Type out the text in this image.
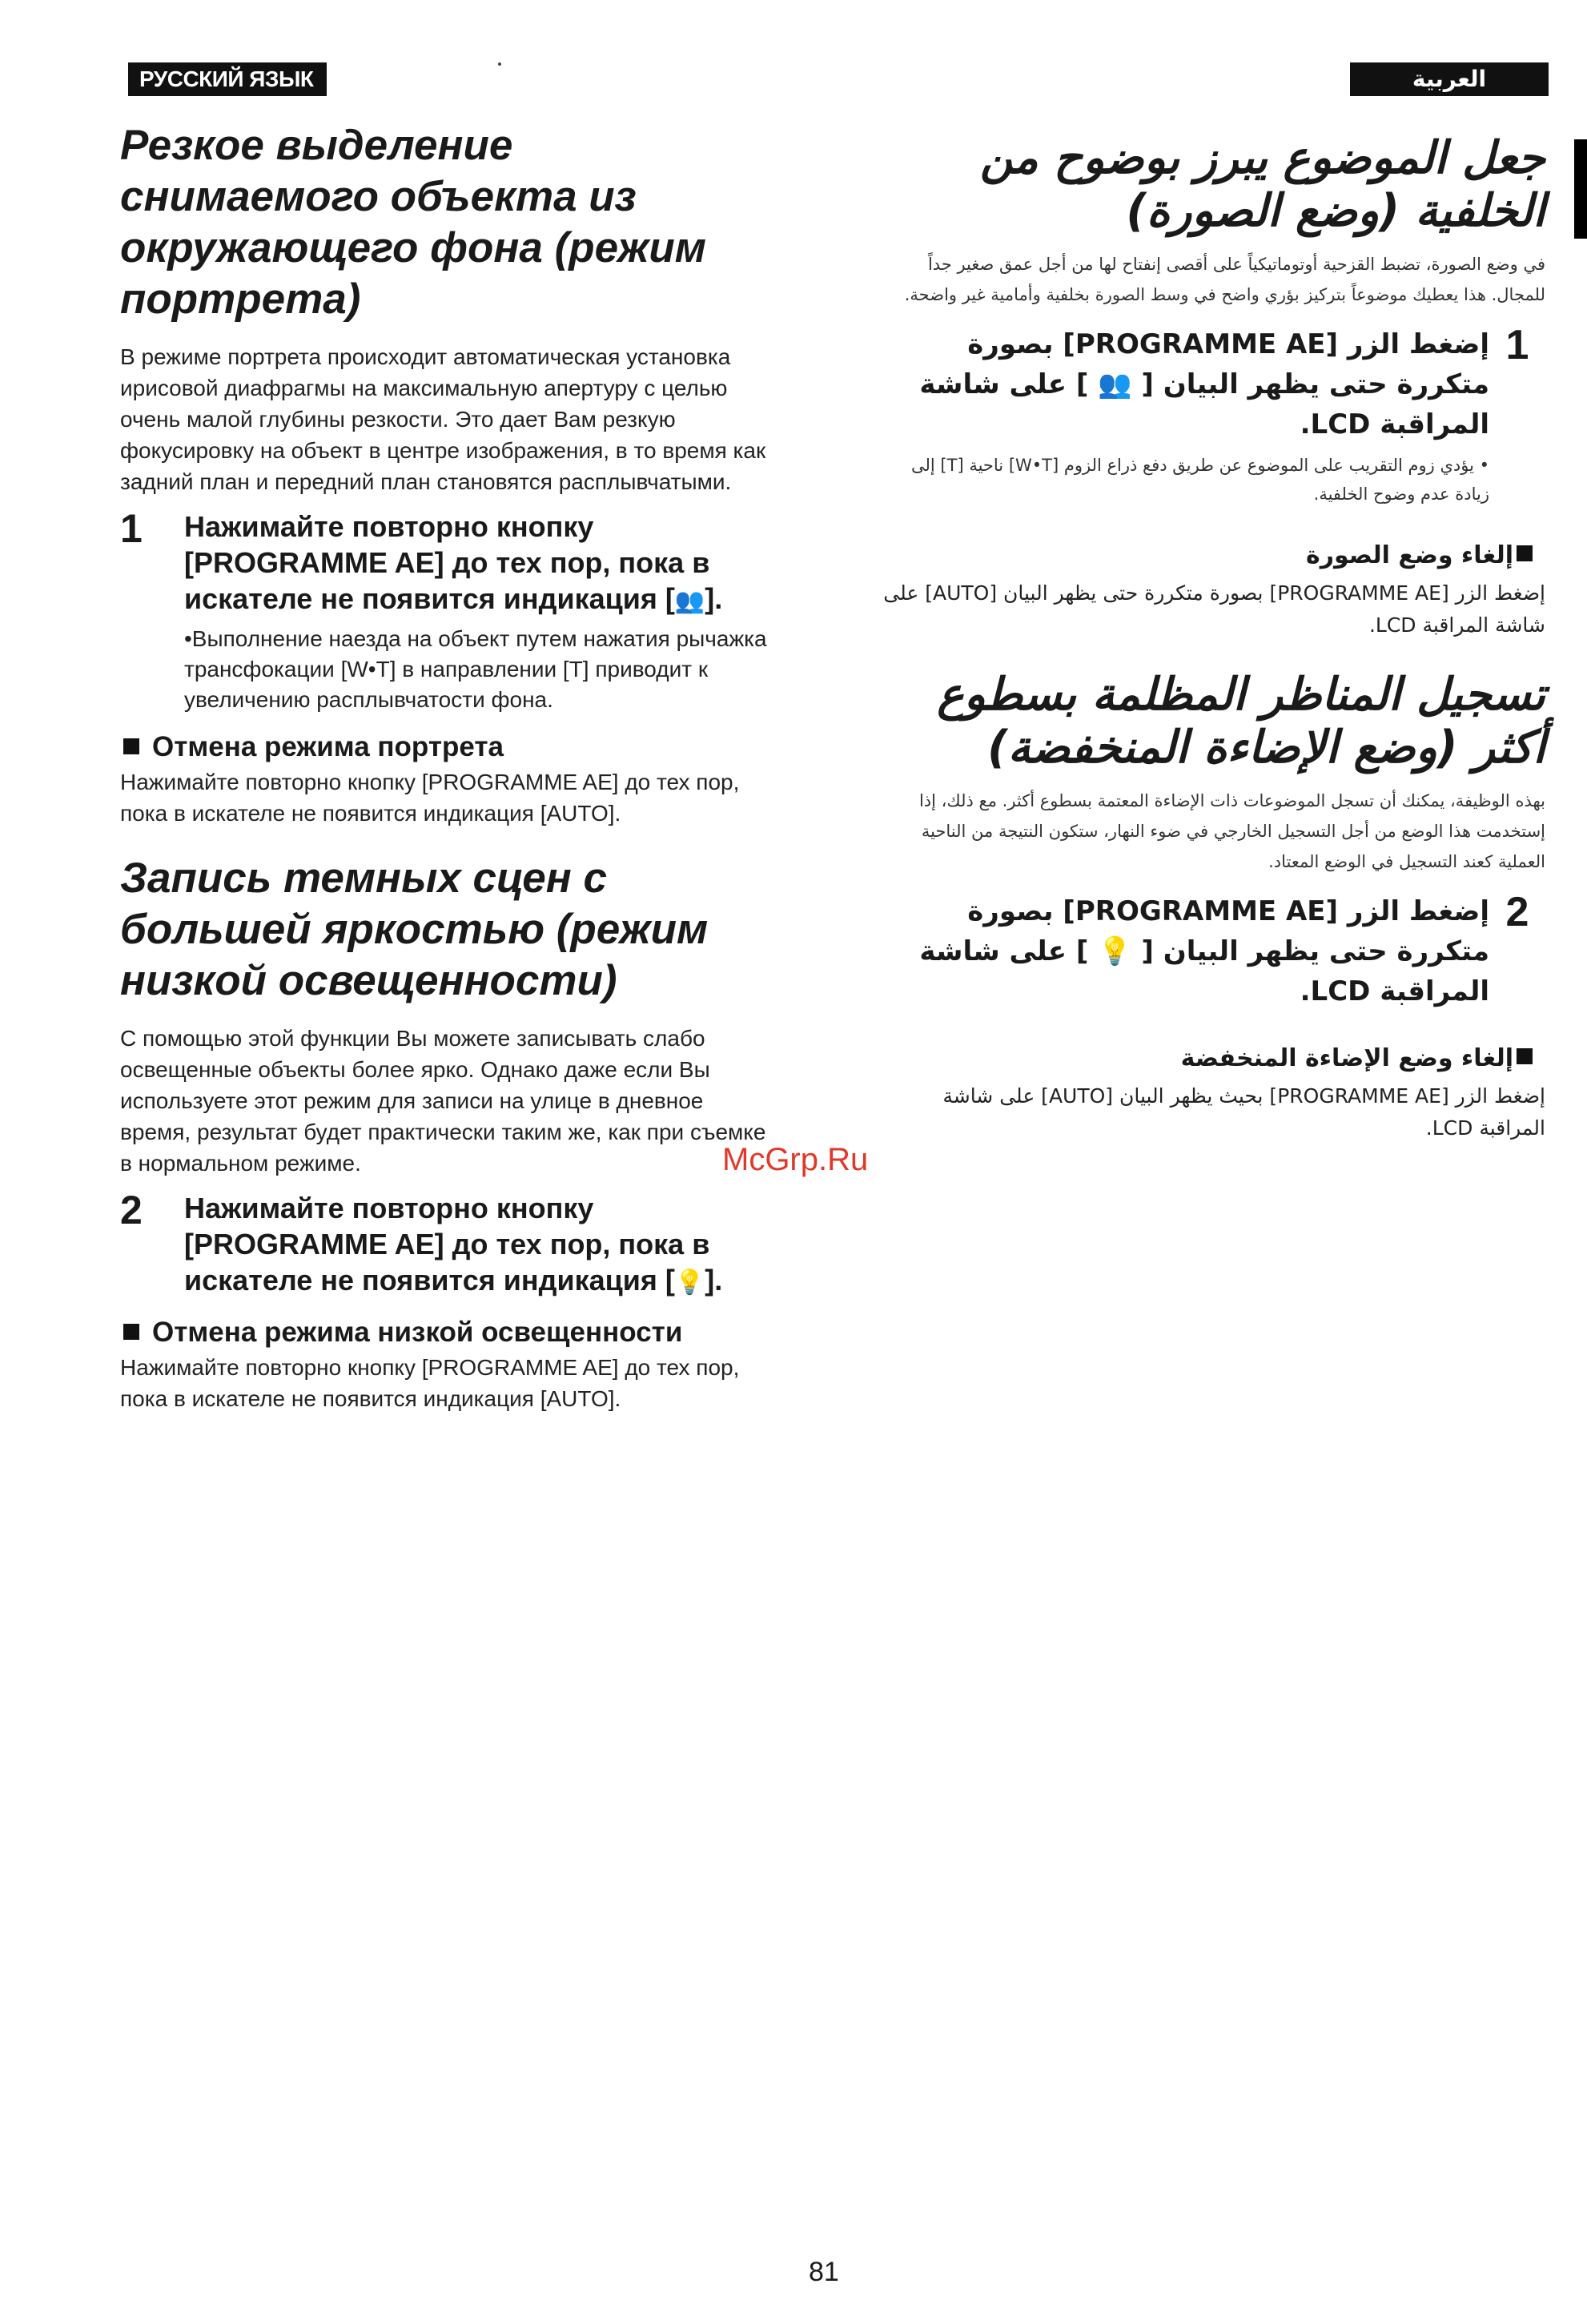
РУССКИЙ ЯЗЫК	العربية
Резкое выделение снимаемого объекта из окружающего фона (режим портрета)

В режиме портрета происходит автоматическая установка ирисовой диафрагмы на максимальную апертуру с целью очень малой глубины резкости. Это дает Вам резкую фокусировку на объект в центре изображения, в то время как задний план и передний план становятся расплывчатыми.

1	Нажимайте повторно кнопку [PROGRAMME AE] до тех пор, пока в искателе не появится индикация [👥].

•Выполнение наезда на объект путем нажатия рычажка трансфокации [W•T] в направлении [T] приводит к увеличению расплывчатости фона.

Отмена режима портрета

Нажимайте повторно кнопку [PROGRAMME AE] до тех пор, пока в искателе не появится индикация [AUTO].

Запись темных сцен с большей яркостью (режим низкой освещенности)

С помощью этой функции Вы можете записывать слабо освещенные объекты более ярко. Однако даже если Вы используете этот режим для записи на улице в дневное время, результат будет практически таким же, как при съемке в нормальном режиме.

2	Нажимайте повторно кнопку [PROGRAMME AE] до тех пор, пока в искателе не появится индикация [💡].

Отмена режима низкой освещенности

Нажимайте повторно кнопку [PROGRAMME AE] до тех пор, пока в искателе не появится индикация [AUTO].

جعل الموضوع يبرز بوضوح من الخلفية (وضع الصورة)

في وضع الصورة، تضبط القزحية أوتوماتيكياً على أقصى إنفتاح لها من أجل عمق صغير جداً للمجال. هذا يعطيك موضوعاً بتركيز بؤري واضح في وسط الصورة بخلفية وأمامية غير واضحة.

1

إضغط الزر [PROGRAMME AE] بصورة متكررة حتى يظهر البيان [ 👥 ] على شاشة المراقبة LCD.

• يؤدي زوم التقريب على الموضوع عن طريق دفع ذراع الزوم [W•T] ناحية [T] إلى زيادة عدم وضوح الخلفية.

إلغاء وضع الصورة

إضغط الزر [PROGRAMME AE] بصورة متكررة حتى يظهر البيان [AUTO] على شاشة المراقبة LCD.

تسجيل المناظر المظلمة بسطوع أكثر (وضع الإضاءة المنخفضة)

بهذه الوظيفة، يمكنك أن تسجل الموضوعات ذات الإضاءة المعتمة بسطوع أكثر. مع ذلك، إذا إستخدمت هذا الوضع من أجل التسجيل الخارجي في ضوء النهار، ستكون النتيجة من الناحية العملية كعند التسجيل في الوضع المعتاد.

2

إضغط الزر [PROGRAMME AE] بصورة متكررة حتى يظهر البيان [ 💡 ] على شاشة المراقبة LCD.

إلغاء وضع الإضاءة المنخفضة

إضغط الزر [PROGRAMME AE] بحيث يظهر البيان [AUTO] على شاشة المراقبة LCD.

McGrp.Ru
81
